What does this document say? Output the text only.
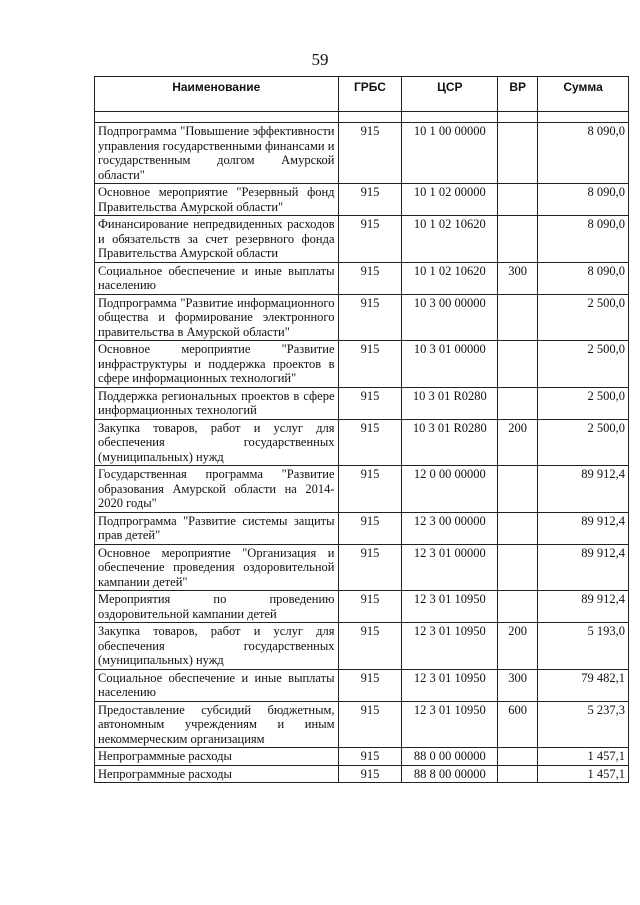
59
Наименование	ГРБС	ЦСР	ВР	Сумма

Подпрограмма "Повышение эффективности управления государственными финансами и государственным долгом Амурской области"	915	10 1 00 00000		8 090,0
Основное мероприятие "Резервный фонд Правительства Амурской области"	915	10 1 02 00000		8 090,0
Финансирование непредвиденных расходов и обязательств за счет резервного фонда Правительства Амурской области	915	10 1 02 10620		8 090,0
Социальное обеспечение и иные выплаты населению	915	10 1 02 10620	300	8 090,0
Подпрограмма "Развитие информационного общества и формирование электронного правительства в Амурской области"	915	10 3 00 00000		2 500,0
Основное мероприятие "Развитие инфраструктуры и поддержка проектов в сфере информационных технологий"	915	10 3 01 00000		2 500,0
Поддержка региональных проектов в сфере информационных технологий	915	10 3 01 R0280		2 500,0
Закупка товаров, работ и услуг для обеспечения государственных (муниципальных) нужд	915	10 3 01 R0280	200	2 500,0
Государственная программа "Развитие образования Амурской области на 2014-2020 годы"	915	12 0 00 00000		89 912,4
Подпрограмма "Развитие системы защиты прав детей"	915	12 3 00 00000		89 912,4
Основное мероприятие "Организация и обеспечение проведения оздоровительной кампании детей"	915	12 3 01 00000		89 912,4
Мероприятия по проведению оздоровительной кампании детей	915	12 3 01 10950		89 912,4
Закупка товаров, работ и услуг для обеспечения государственных (муниципальных) нужд	915	12 3 01 10950	200	5 193,0
Социальное обеспечение и иные выплаты населению	915	12 3 01 10950	300	79 482,1
Предоставление субсидий бюджетным, автономным учреждениям и иным некоммерческим организациям	915	12 3 01 10950	600	5 237,3
Непрограммные расходы	915	88 0 00 00000		1 457,1
Непрограммные расходы	915	88 8 00 00000		1 457,1
